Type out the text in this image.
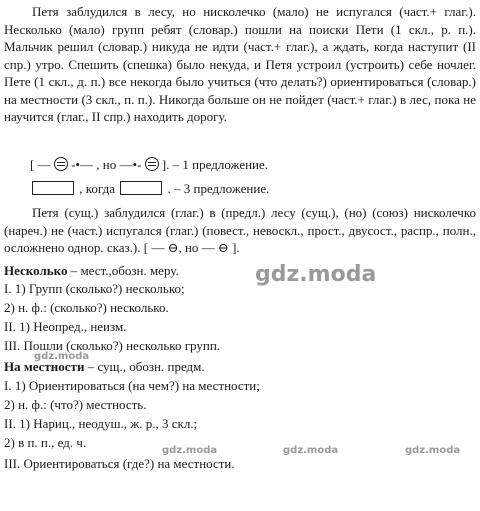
Петя заблудился в лесу, но нисколечко (мало) не испугался (част.+ глаг.). Несколько (мало) групп ребят (словар.) пошли на поиски Пети (1 скл., р. п.). Мальчик решил (словар.) никуда не идти (част.+ глаг.), а ждать, когда наступит (II спр.) утро. Спешить (спешка) было некуда, и Петя устроил (устроить) себе ночлег. Пете (1 скл., д. п.) все некогда было учиться (что делать?) ориентироваться (словар.) на местности (3 скл., п. п.). Никогда больше он не пойдет (част.+ глаг.) в лес, пока не научится (глаг., II спр.) находить дорогу.

[ — -•— , но —•- ]. – 1 предложение.
, когда	. – 3 предложение.

Петя (сущ.) заблудился (глаг.) в (предл.) лесу (сущ.), (но) (союз) нисколечко (нареч.) не (част.) испугался (глаг.) (повест., невоскл., прост., двусост., распр., полн., осложнено однор. сказ.). [ — ⊖, но — ⊖ ].

Несколько – мест.,обозн. меру.
I. 1) Групп (сколько?) несколько;
2) н. ф.: (сколько?) несколько.
II. 1) Неопред., неизм.
III. Пошли (сколько?) несколько групп.
На местности – сущ., обозн. предм.
I. 1) Ориентироваться (на чем?) на местности;
2) н. ф.: (что?) местность.
II. 1) Нариц., неодуш., ж. р., 3 скл.;
2) в п. п., ед. ч.
III. Ориентироваться (где?) на местности.
gdz.moda
gdz.moda
gdz.moda	gdz.moda	gdz.moda
